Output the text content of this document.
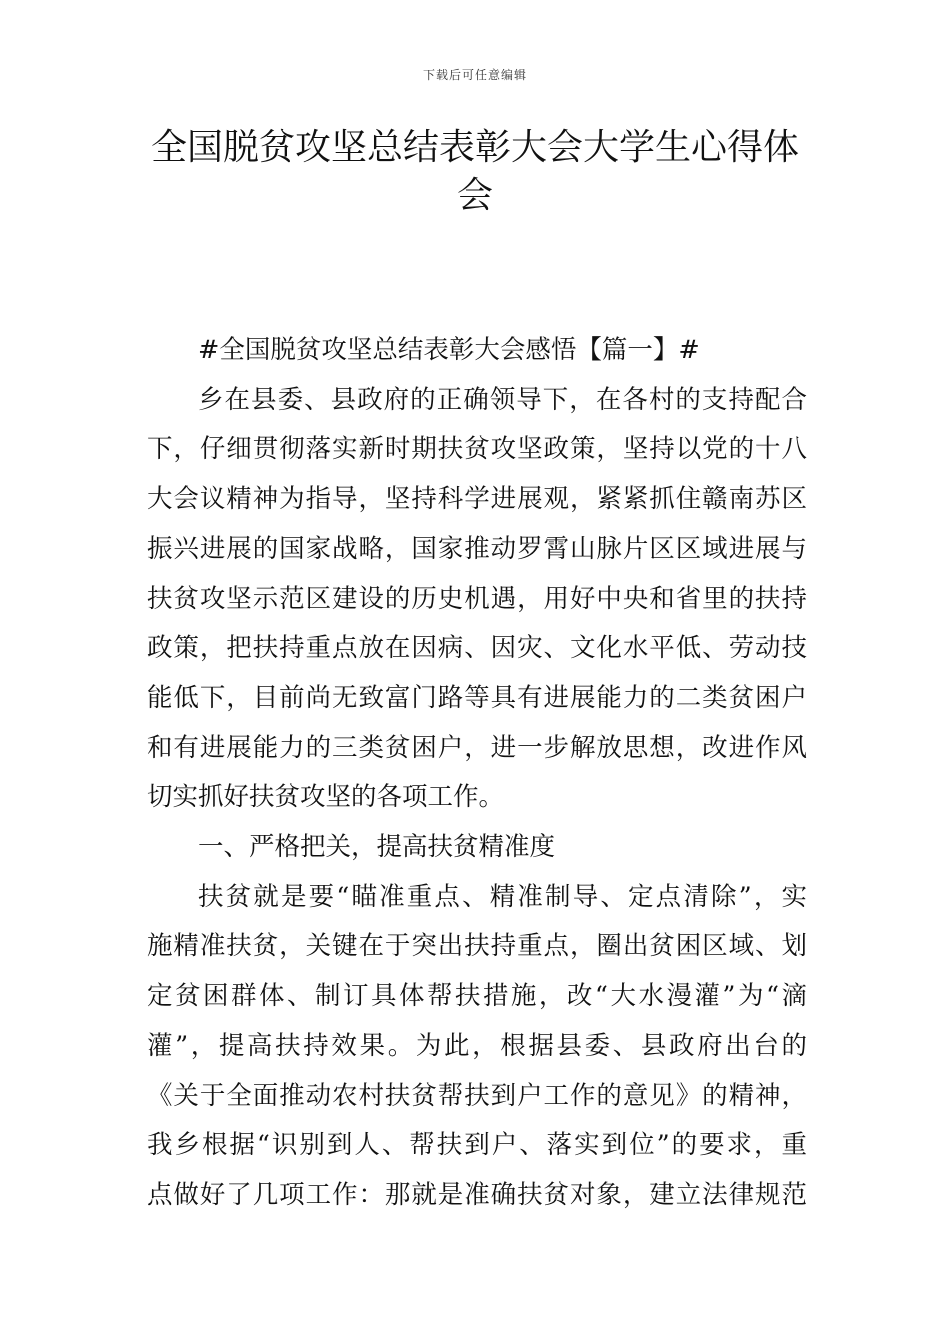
下载后可任意编辑
全国脱贫攻坚总结表彰大会大学生心得体会
#全国脱贫攻坚总结表彰大会感悟【篇一】#
乡在县委、县政府的正确领导下，在各村的支持配合
下，仔细贯彻落实新时期扶贫攻坚政策，坚持以党的十八
大会议精神为指导，坚持科学进展观，紧紧抓住赣南苏区
振兴进展的国家战略，国家推动罗霄山脉片区区域进展与
扶贫攻坚示范区建设的历史机遇，用好中央和省里的扶持
政策，把扶持重点放在因病、因灾、文化水平低、劳动技
能低下，目前尚无致富门路等具有进展能力的二类贫困户
和有进展能力的三类贫困户，进一步解放思想，改进作风
切实抓好扶贫攻坚的各项工作。
一、严格把关，提高扶贫精准度
扶贫就是要“瞄准重点、精准制导、定点清除”，实
施精准扶贫，关键在于突出扶持重点，圈出贫困区域、划
定贫困群体、制订具体帮扶措施，改“大水漫灌”为“滴
灌”，提高扶持效果。为此，根据县委、县政府出台的
《关于全面推动农村扶贫帮扶到户工作的意见》的精神，
我乡根据“识别到人、帮扶到户、落实到位”的要求，重
点做好了几项工作：那就是准确扶贫对象，建立法律规范
